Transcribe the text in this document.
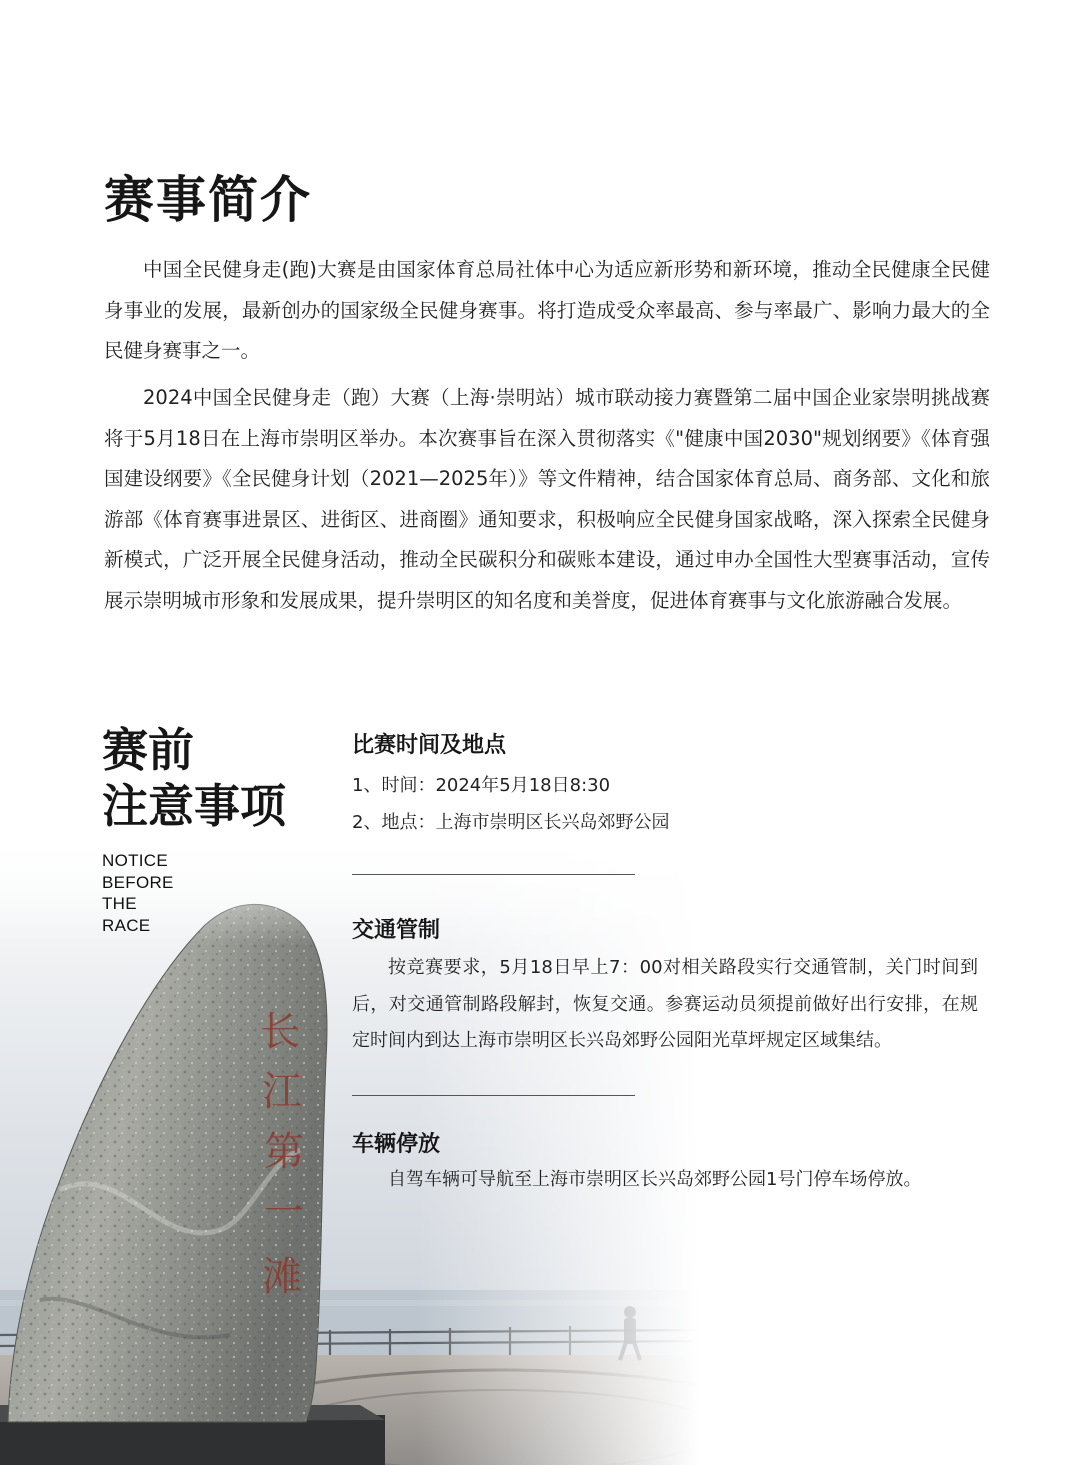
赛事简介
中国全民健身走(跑)大赛是由国家体育总局社体中心为适应新形势和新环境，推动全民健康全民健身事业的发展，最新创办的国家级全民健身赛事。将打造成受众率最高、参与率最广、影响力最大的全民健身赛事之一。
2024中国全民健身走（跑）大赛（上海·崇明站）城市联动接力赛暨第二届中国企业家崇明挑战赛将于5月18日在上海市崇明区举办。本次赛事旨在深入贯彻落实《"健康中国2030"规划纲要》《体育强国建设纲要》《全民健身计划（2021—2025年）》等文件精神，结合国家体育总局、商务部、文化和旅游部《体育赛事进景区、进街区、进商圈》通知要求，积极响应全民健身国家战略，深入探索全民健身新模式，广泛开展全民健身活动，推动全民碳积分和碳账本建设，通过申办全国性大型赛事活动，宣传展示崇明城市形象和发展成果，提升崇明区的知名度和美誉度，促进体育赛事与文化旅游融合发展。
赛前
注意事项
NOTICE
BEFORE
THE
RACE
比赛时间及地点
1、时间：2024年5月18日8:30
2、地点：上海市崇明区长兴岛郊野公园
交通管制
按竞赛要求，5月18日早上7：00对相关路段实行交通管制，关门时间到后，对交通管制路段解封，恢复交通。参赛运动员须提前做好出行安排，在规定时间内到达上海市崇明区长兴岛郊野公园阳光草坪规定区域集结。
车辆停放
自驾车辆可导航至上海市崇明区长兴岛郊野公园1号门停车场停放。
